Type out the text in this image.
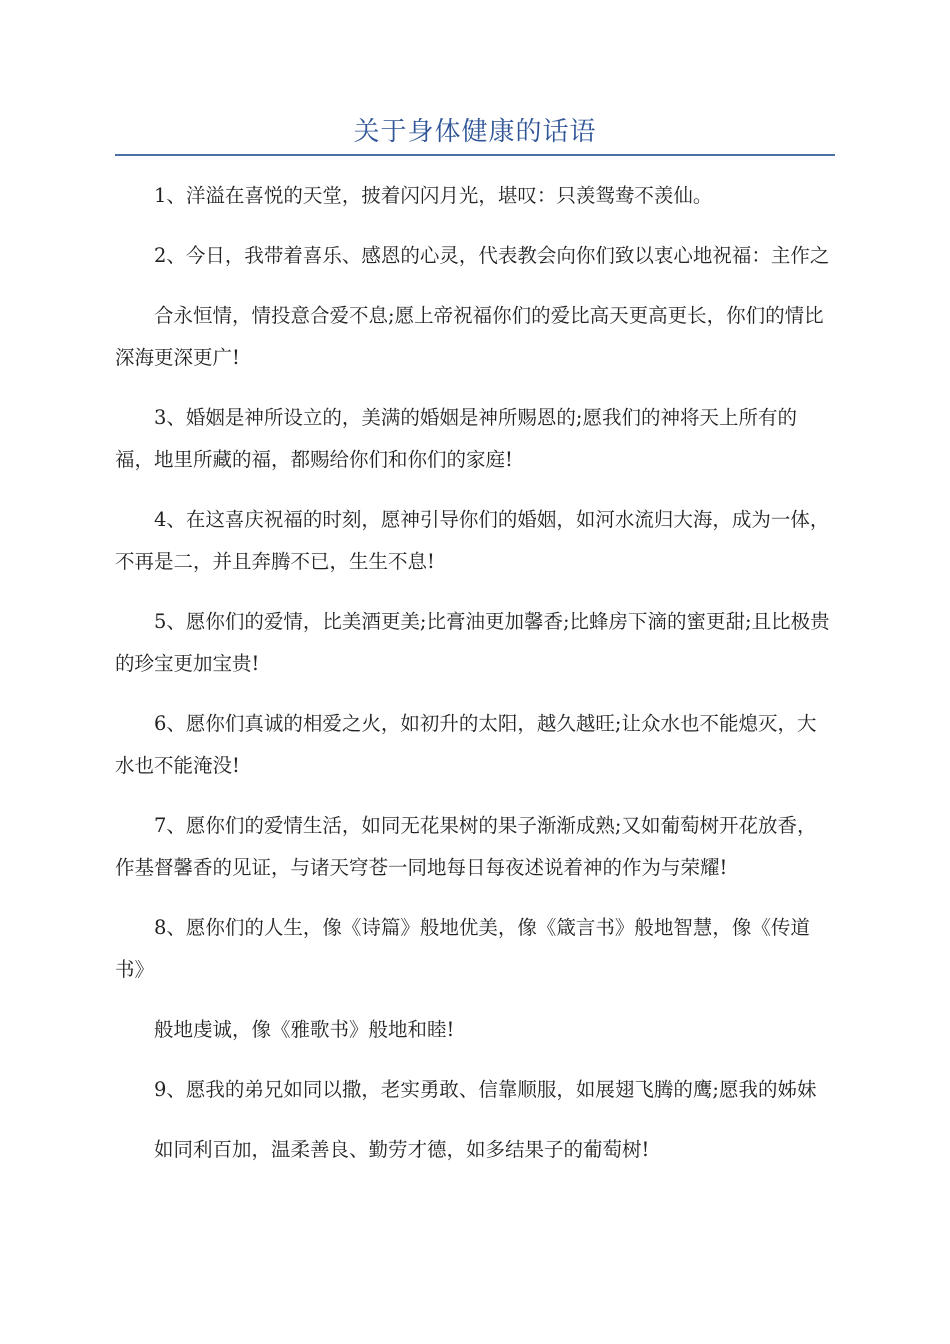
关于身体健康的话语

1、洋溢在喜悦的天堂，披着闪闪月光，堪叹：只羡鸳鸯不羡仙。

2、今日，我带着喜乐、感恩的心灵，代表教会向你们致以衷心地祝福：主作之

合永恒情，情投意合爱不息;愿上帝祝福你们的爱比高天更高更长，你们的情比深海更深更广!

3、婚姻是神所设立的，美满的婚姻是神所赐恩的;愿我们的神将天上所有的福，地里所藏的福，都赐给你们和你们的家庭!

4、在这喜庆祝福的时刻，愿神引导你们的婚姻，如河水流归大海，成为一体，不再是二，并且奔腾不已，生生不息!

5、愿你们的爱情，比美酒更美;比膏油更加馨香;比蜂房下滴的蜜更甜;且比极贵的珍宝更加宝贵!

6、愿你们真诚的相爱之火，如初升的太阳，越久越旺;让众水也不能熄灭，大水也不能淹没!

7、愿你们的爱情生活，如同无花果树的果子渐渐成熟;又如葡萄树开花放香，作基督馨香的见证，与诸天穹苍一同地每日每夜述说着神的作为与荣耀!

8、愿你们的人生，像《诗篇》般地优美，像《箴言书》般地智慧，像《传道书》

般地虔诚，像《雅歌书》般地和睦!

9、愿我的弟兄如同以撒，老实勇敢、信靠顺服，如展翅飞腾的鹰;愿我的姊妹

如同利百加，温柔善良、勤劳才德，如多结果子的葡萄树!
